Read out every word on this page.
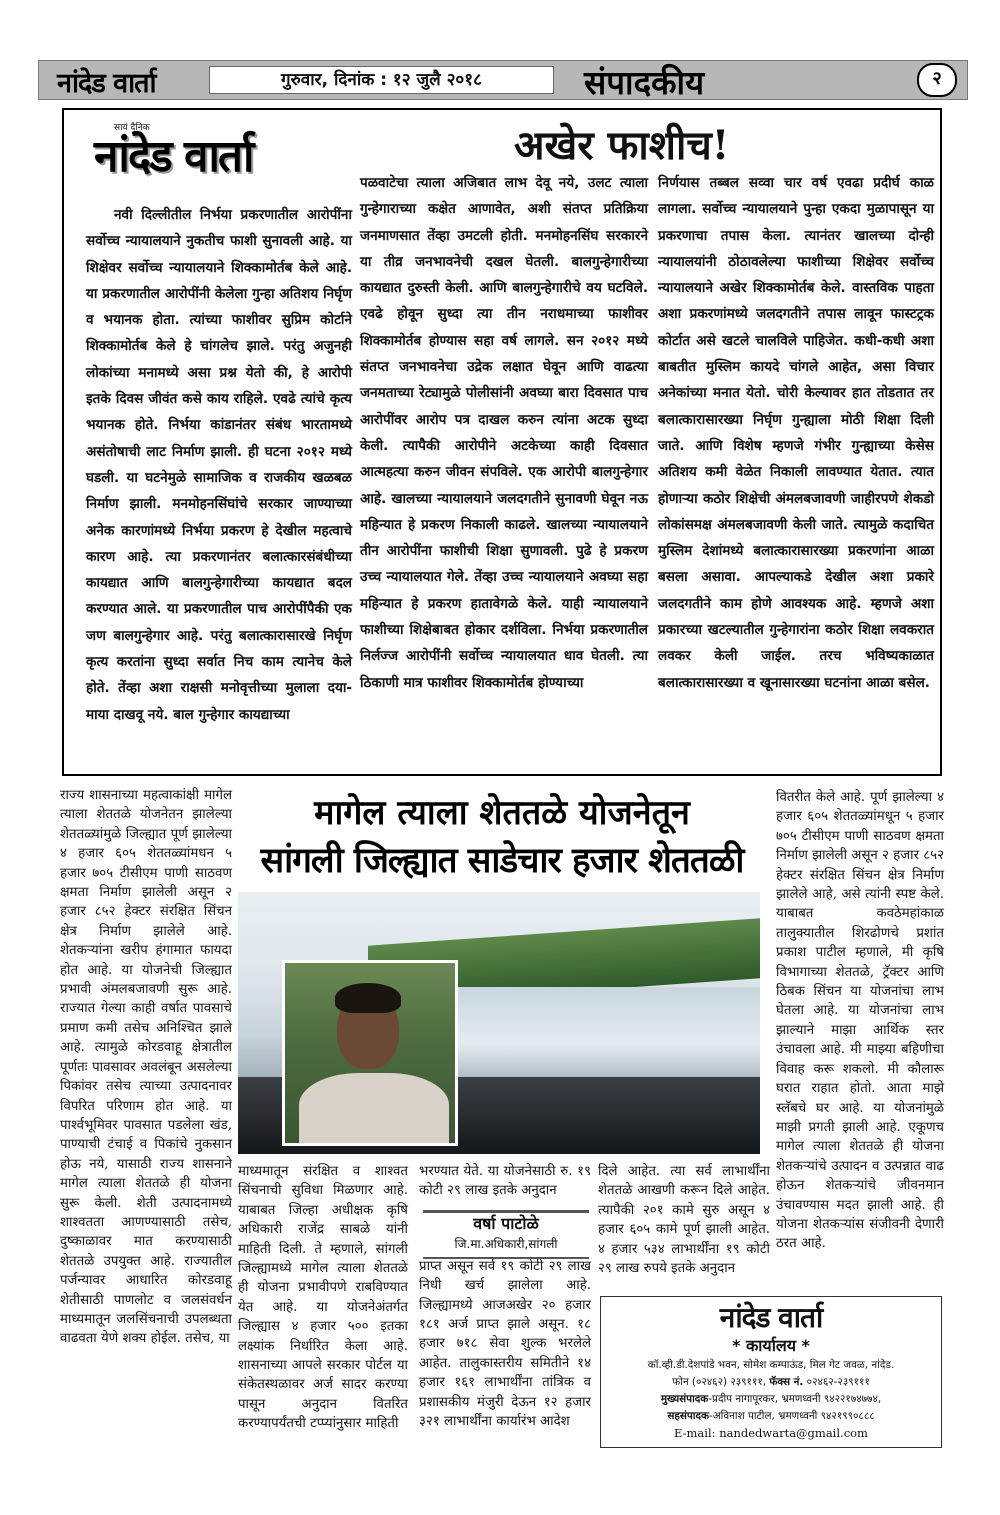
नांदेड वार्ता	गुरुवार, दिनांक : १२ जुलै २०१८	संपादकीय	२
सायं दैनिक
नांदेड वार्ता	अखेर फाशीच!

नवी दिल्लीतील निर्भया प्रकरणातील आरोपींना सर्वोच्च न्यायालयाने नुकतीच फाशी सुनावली आहे. या शिक्षेवर सर्वोच्च न्यायालयाने शिक्कामोर्तब केले आहे. या प्रकरणातील आरोपींनी केलेला गुन्हा अतिशय निर्घृण व भयानक होता. त्यांच्या फाशीवर सुप्रिम कोर्टाने शिक्कामोर्तब केले हे चांगलेच झाले. परंतु अजुनही लोकांच्या मनामध्ये असा प्रश्न येतो की, हे आरोपी इतके दिवस जीवंत कसे काय राहिले. एवढे त्यांचे कृत्य भयानक होते. निर्भया कांडानंतर संबंध भारतामध्ये असंतोषाची लाट निर्माण झाली. ही घटना २०१२ मध्ये घडली. या घटनेमुळे सामाजिक व राजकीय खळबळ निर्माण झाली. मनमोहनसिंघांचे सरकार जाण्याच्या अनेक कारणांमध्ये निर्भया प्रकरण हे देखील महत्वाचे कारण आहे. त्या प्रकरणानंतर बलात्कारसंबंधीच्या कायद्यात आणि बालगुन्हेगारीच्या कायद्यात बदल करण्यात आले. या प्रकरणातील पाच आरोपींपैकी एक जण बालगुन्हेगार आहे. परंतु बलात्कारासारखे निर्घृण कृत्य करतांना सुध्दा सर्वात निच काम त्यानेच केले होते. तेंव्हा अशा राक्षसी मनोवृत्तीच्या मुलाला दया-माया दाखवू नये. बाल गुन्हेगार कायद्याच्या

पळवाटेचा त्याला अजिबात लाभ देवू नये, उलट त्याला गुन्हेगाराच्या कक्षेत आणावेत, अशी संतप्त प्रतिक्रिया जनमाणसात तेंव्हा उमटली होती. मनमोहनसिंघ सरकारने या तीव्र जनभावनेची दखल घेतली. बालगुन्हेगारीच्या कायद्यात दुरुस्ती केली. आणि बालगुन्हेगारीचे वय घटविले. एवढे होवून सुध्दा त्या तीन नराधमाच्या फाशीवर शिक्कामोर्तब होण्यास सहा वर्ष लागले. सन २०१२ मध्ये संतप्त जनभावनेचा उद्रेक लक्षात घेवून आणि वाढत्या जनमताच्या रेट्यामुळे पोलीसांनी अवघ्या बारा दिवसात पाच आरोपींवर आरोप पत्र दाखल करुन त्यांना अटक सुध्दा केली. त्यापैकी आरोपीने अटकेच्या काही दिवसात आत्महत्या करुन जीवन संपविले. एक आरोपी बालगुन्हेगार आहे. खालच्या न्यायालयाने जलदगतीने सुनावणी घेवून नऊ महिन्यात हे प्रकरण निकाली काढले. खालच्या न्यायालयाने तीन आरोपींना फाशीची शिक्षा सुणावली. पुढे हे प्रकरण उच्च न्यायालयात गेले. तेंव्हा उच्च न्यायालयाने अवघ्या सहा महिन्यात हे प्रकरण हातावेगळे केले. याही न्यायालयाने फाशीच्या शिक्षेबाबत होकार दर्शविला. निर्भया प्रकरणातील निर्लज्ज आरोपींनी सर्वोच्च न्यायालयात धाव घेतली. त्या ठिकाणी मात्र फाशीवर शिक्कामोर्तब होण्याच्या

निर्णयास तब्बल सव्वा चार वर्ष एवढा प्रदीर्घ काळ लागला. सर्वोच्च न्यायालयाने पुन्हा एकदा मुळापासून या प्रकरणाचा तपास केला. त्यानंतर खालच्या दोन्ही न्यायालयांनी ठोठावलेल्या फाशीच्या शिक्षेवर सर्वोच्च न्यायालयाने अखेर शिक्कामोर्तब केले. वास्तविक पाहता अशा प्रकरणांमध्ये जलदगतीने तपास लावून फास्टट्रक कोर्टात असे खटले चालविले पाहिजेत. कधी-कधी अशा बाबतीत मुस्लिम कायदे चांगले आहेत, असा विचार अनेकांच्या मनात येतो. चोरी केल्यावर हात तोडतात तर बलात्कारासारख्या निर्घृण गुन्ह्याला मोठी शिक्षा दिली जाते. आणि विशेष म्हणजे गंभीर गुन्ह्याच्या केसेस अतिशय कमी वेळेत निकाली लावण्यात येतात. त्यात होणाऱ्या कठोर शिक्षेची अंमलबजावणी जाहीरपणे शेकडो लोकांसमक्ष अंमलबजावणी केली जाते. त्यामुळे कदाचित मुस्लिम देशांमध्ये बलात्कारासारख्या प्रकरणांना आळा बसला असावा. आपल्याकडे देखील अशा प्रकारे जलदगतीने काम होणे आवश्यक आहे. म्हणजे अशा प्रकारच्या खटल्यातील गुन्हेगारांना कठोर शिक्षा लवकरात लवकर केली जाईल. तरच भविष्यकाळात बलात्कारासारख्या व खूनासारख्या घटनांना आळा बसेल.

मागेल त्याला शेततळे योजनेतून
सांगली जिल्ह्यात साडेचार हजार शेततळी

राज्य शासनाच्या महत्वाकांक्षी मागेल त्याला शेततळे योजनेतन झालेल्या शेततळ्यांमुळे जिल्ह्यात पूर्ण झालेल्या ४ हजार ६०५ शेततळ्यांमधन ५ हजार ७०५ टीसीएम पाणी साठवण क्षमता निर्माण झालेली असून २ हजार ८५२ हेक्टर संरक्षित सिंचन क्षेत्र निर्माण झालेले आहे. शेतकऱ्यांना खरीप हंगामात फायदा होत आहे. या योजनेची जिल्ह्यात प्रभावी अंमलबजावणी सुरू आहे. राज्यात गेल्या काही वर्षात पावसाचे प्रमाण कमी तसेच अनिश्चित झाले आहे. त्यामुळे कोरडवाहू क्षेत्रातील पूर्णतः पावसावर अवलंबून असलेल्या पिकांवर तसेच त्याच्या उत्पादनावर विपरित परिणाम होत आहे. या पार्श्वभूमिवर पावसात पडलेला खंड, पाण्याची टंचाई व पिकांचे नुकसान होऊ नये, यासाठी राज्य शासनाने मागेल त्याला शेततळे ही योजना सुरू केली. शेती उत्पादनामध्ये शाश्वतता आणण्यासाठी तसेच, दुष्काळावर मात करण्यासाठी शेततळे उपयुक्त आहे. राज्यातील पर्जन्यावर आधारित कोरडवाहू शेतीसाठी पाणलोट व जलसंवर्धन माध्यमातून जलसिंचनाची उपलब्धता वाढवता येणे शक्य होईल. तसेच, या

वितरीत केले आहे. पूर्ण झालेल्या ४ हजार ६०५ शेततळ्यांमधून ५ हजार ७०५ टीसीएम पाणी साठवण क्षमता निर्माण झालेली असून २ हजार ८५२ हेक्टर संरक्षित सिंचन क्षेत्र निर्माण झालेले आहे, असे त्यांनी स्पष्ट केले. याबाबत कवठेमहांकाळ तालुक्यातील शिरढोणचे प्रशांत प्रकाश पाटील म्हणाले, मी कृषि विभागाच्या शेततळे, ट्रॅक्टर आणि ठिबक सिंचन या योजनांचा लाभ घेतला आहे. या योजनांचा लाभ झाल्याने माझा आर्थिक स्तर उंचावला आहे. मी माझ्या बहिणीचा विवाह करू शकलो. मी कौलारू घरात राहात होतो. आता माझे स्लॅबचे घर आहे. या योजनांमुळे माझी प्रगती झाली आहे. एकूणच मागेल त्याला शेततळे ही योजना शेतकऱ्यांचे उत्पादन व उत्पन्नात वाढ होऊन शेतकऱ्यांचे जीवनमान उंचावण्यास मदत झाली आहे. ही योजना शेतकऱ्यांस संजीवनी देणारी ठरत आहे.

माध्यमातून संरक्षित व शाश्वत सिंचनाची सुविधा मिळणार आहे. याबाबत जिल्हा अधीक्षक कृषि अधिकारी राजेंद्र साबळे यांनी माहिती दिली. ते म्हणाले, सांगली जिल्ह्यामध्ये मागेल त्याला शेततळे ही योजना प्रभावीपणे राबविण्यात येत आहे. या योजनेअंतर्गत जिल्ह्यास ४ हजार ५०० इतका लक्ष्यांक निर्धारित केला आहे. शासनाच्या आपले सरकार पोर्टल या संकेतस्थळावर अर्ज सादर करण्या पासून अनुदान वितरित करण्यापर्यंतची टप्प्यांनुसार माहिती

भरण्यात येते. या योजनेसाठी रु. १९ कोटी २९ लाख इतके अनुदान

प्राप्त असून सर्व १९ कोटी २९ लाख निधी खर्च झालेला आहे. जिल्ह्यामध्ये आजअखेर २० हजार १८१ अर्ज प्राप्त झाले असून. १८ हजार ७१८ सेवा शुल्क भरलेले आहेत. तालुकास्तरीय समितीने १४ हजार १६१ लाभार्थींना तांत्रिक व प्रशासकीय मंजुरी देऊन १२ हजार ३२१ लाभार्थींना कार्यारंभ आदेश

वर्षा पाटोळे
जि.मा.अधिकारी,सांगली

दिले आहेत. त्या सर्व लाभार्थींना शेततळे आखणी करून दिले आहेत. त्यापैकी २०१ कामे सुरु असून ४ हजार ६०५ कामे पूर्ण झाली आहेत. ४ हजार ५३४ लाभार्थींना १९ कोटी २९ लाख रुपये इतके अनुदान

नांदेड वार्ता
* कार्यालय *
कॉ.व्ही.डी.देशपांडे भवन, सोमेश कम्पाऊंड, मिल गेट जवळ, नांदेड.
फोन (०२४६२) २३९१११, फॅक्स नं. ०२४६२-२३९१११
मुख्यसंपादक-प्रदीप नागापूरकर, भ्रमणध्वनी ९४२२१७४७७४,
सहसंपादक-अविनाश पाटील, भ्रमणध्वनी ९४२१९९०८८८
E-mail: nandedwarta@gmail.com
